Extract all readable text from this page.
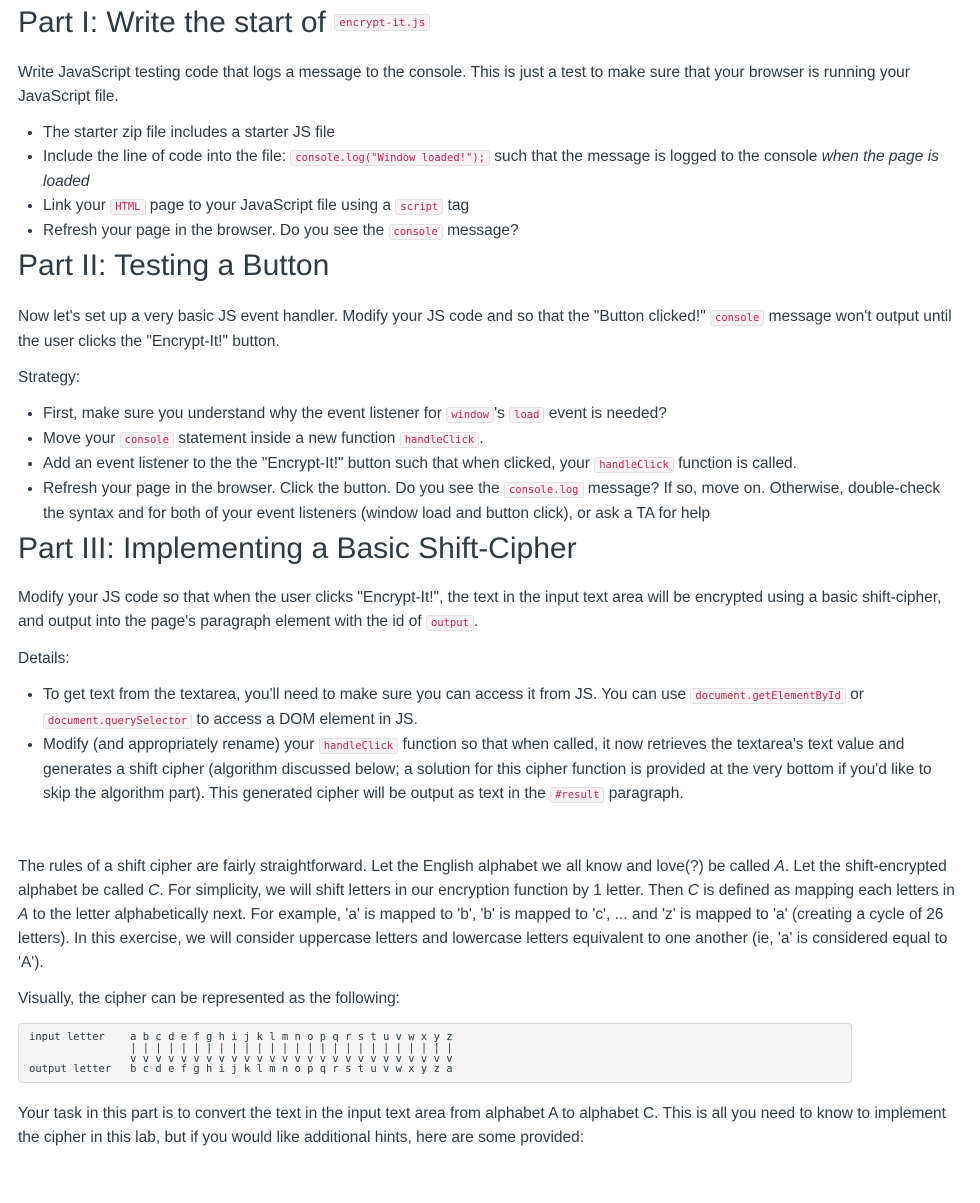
Part I: Write the start of $^{encrypt-it.js}$

Write JavaScript testing code that logs a message to the console. This is just a test to make sure that your browser is running your JavaScript file.

• The starter zip file includes a starter JS file
• Include the line of code into the file: console.log("Window loaded!"); such that the message is logged to the console when the page is loaded
• Link your HTML page to your JavaScript file using a script tag
• Refresh your page in the browser. Do you see the console message?
Part II: Testing a Button

Now let's set up a very basic JS event handler. Modify your JS code and so that the "Button clicked!" console message won't output until the user clicks the "Encrypt-It!" button.

Strategy:

• First, make sure you understand why the event listener for window 's load event is needed?
• Move your console statement inside a new function handleClick .
• Add an event listener to the the "Encrypt-It!" button such that when clicked, your handleClick function is called.
• Refresh your page in the browser. Click the button. Do you see the console.log message? If so, move on. Otherwise, double-check the syntax and for both of your event listeners (window load and button click), or ask a TA for help
Part III: Implementing a Basic Shift-Cipher

Modify your JS code so that when the user clicks "Encrypt-It!", the text in the input text area will be encrypted using a basic shift-cipher, and output into the page's paragraph element with the id of output .

Details:

• To get text from the textarea, you'll need to make sure you can access it from JS. You can use document.getElementById or document.querySelector to access a DOM element in JS.
• Modify (and appropriately rename) your handleClick function so that when called, it now retrieves the textarea's text value and generates a shift cipher (algorithm discussed below; a solution for this cipher function is provided at the very bottom if you'd like to skip the algorithm part). This generated cipher will be output as text in the #result paragraph.

The rules of a shift cipher are fairly straightforward. Let the English alphabet we all know and love(?) be called A. Let the shift-encrypted alphabet be called C. For simplicity, we will shift letters in our encryption function by 1 letter. Then C is defined as mapping each letters in A to the letter alphabetically next. For example, 'a' is mapped to 'b', 'b' is mapped to 'c', ... and 'z' is mapped to 'a' (creating a cycle of 26 letters). In this exercise, we will consider uppercase letters and lowercase letters equivalent to one another (ie, 'a' is considered equal to 'A').

Visually, the cipher can be represented as the following:

input letter    a b c d e f g h i j k l m n o p q r s t u v w x y z
| | | | | | | | | | | | | | | | | | | | | | | | | |
v v v v v v v v v v v v v v v v v v v v v v v v v v
output letter   b c d e f g h i j k l m n o p q r s t u v w x y z a

Your task in this part is to convert the text in the input text area from alphabet A to alphabet C. This is all you need to know to implement the cipher in this lab, but if you would like additional hints, here are some provided:
